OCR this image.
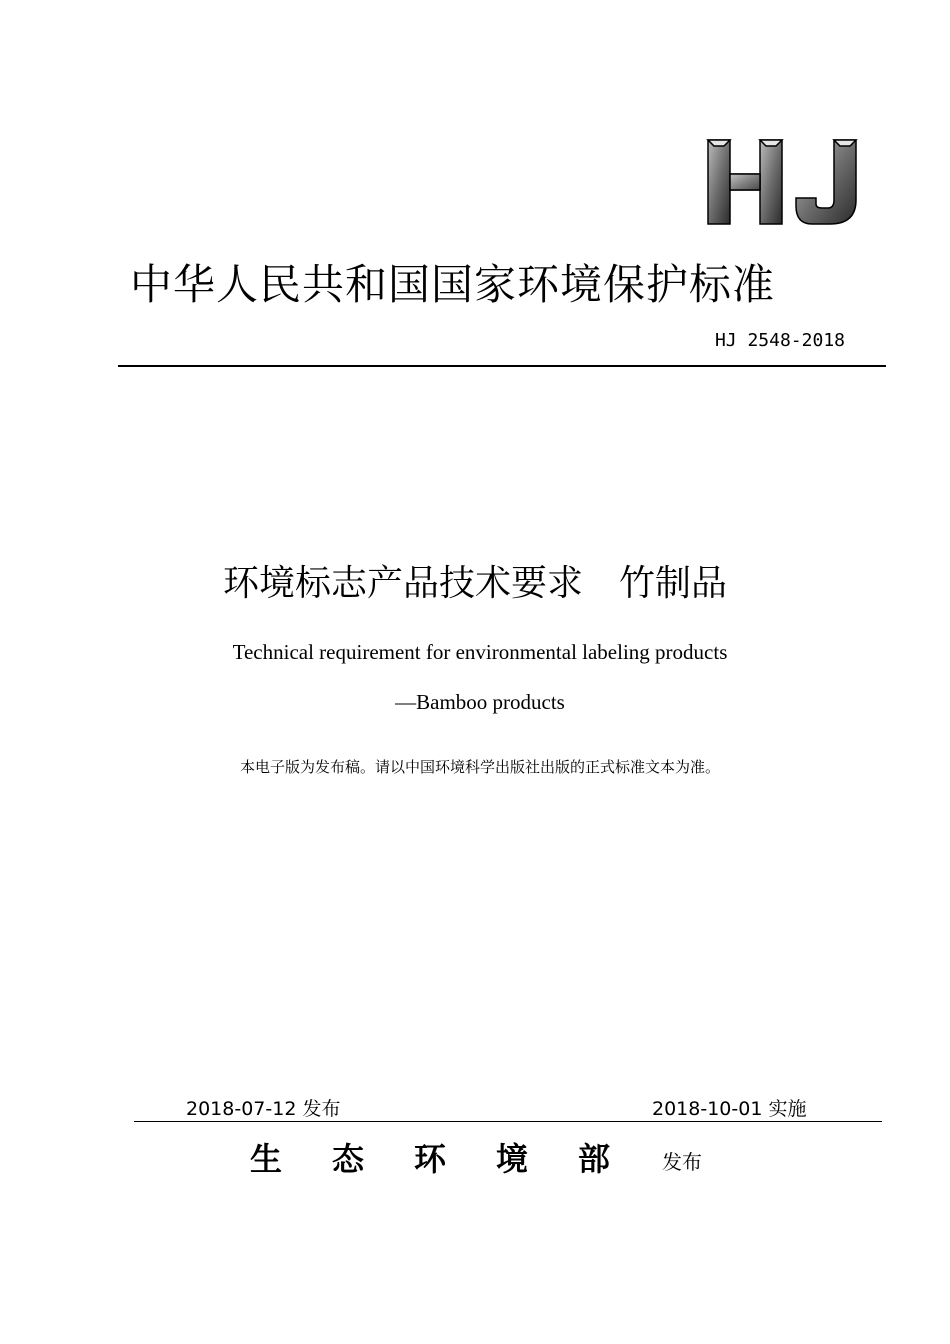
中华人民共和国国家环境保护标准
HJ 2548-2018
环境标志产品技术要求　竹制品
Technical requirement for environmental labeling products
—Bamboo products
本电子版为发布稿。请以中国环境科学出版社出版的正式标准文本为准。
2018-07-12 发布	2018-10-01 实施
生态环境部 发布
